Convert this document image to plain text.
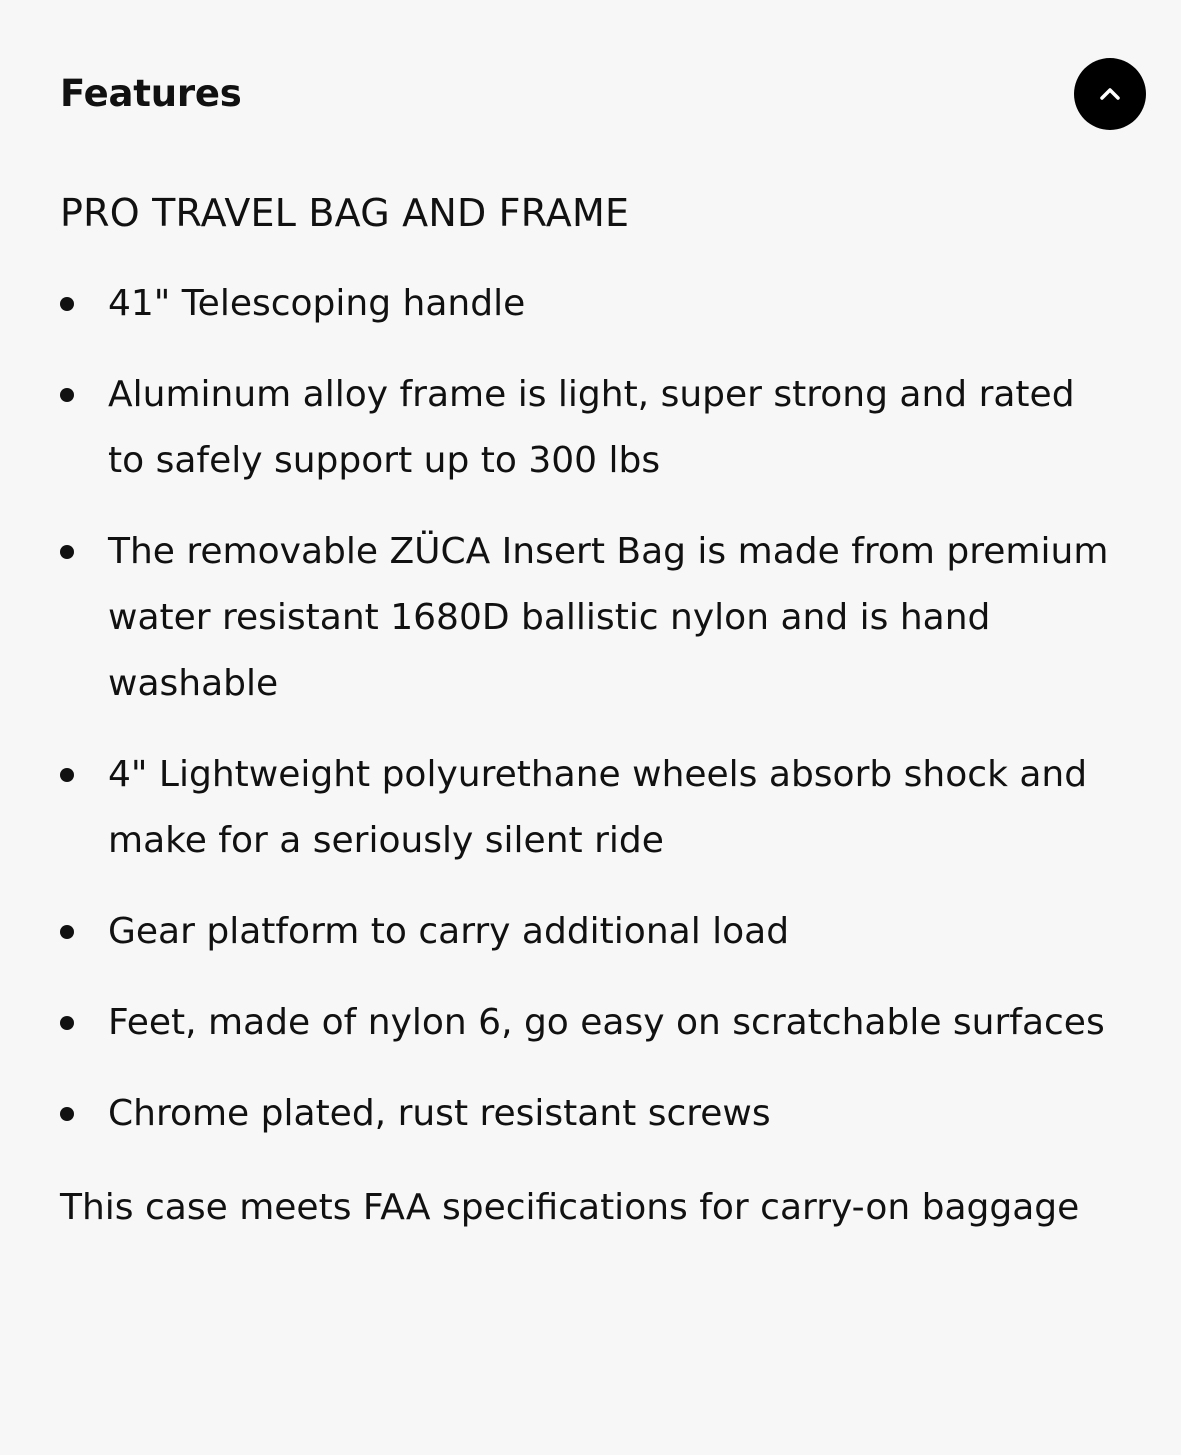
Features

PRO TRAVEL BAG AND FRAME

41" Telescoping handle
Aluminum alloy frame is light, super strong and rated to safely support up to 300 lbs
The removable ZÜCA Insert Bag is made from premium water resistant 1680D ballistic nylon and is hand washable
4" Lightweight polyurethane wheels absorb shock and make for a seriously silent ride
Gear platform to carry additional load
Feet, made of nylon 6, go easy on scratchable surfaces
Chrome plated, rust resistant screws

This case meets FAA specifications for carry-on baggage
